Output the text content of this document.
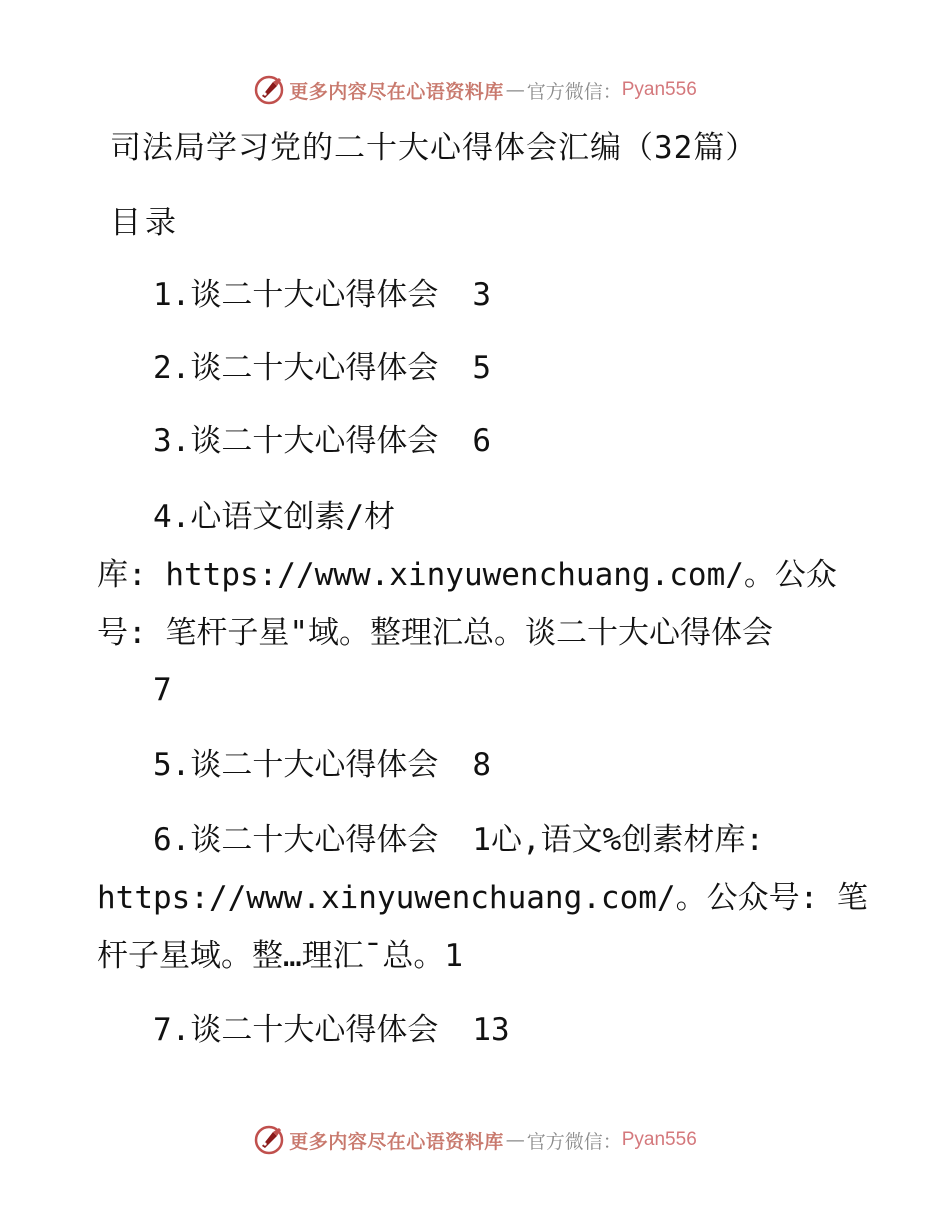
更多内容尽在心语资料库 — 官方微信： Pyan556
司法局学习党的二十大心得体会汇编（32篇）
目录
1.谈二十大心得体会 3
2.谈二十大心得体会 5
3.谈二十大心得体会 6
4.心语文创素/材
库: https://www.xinyuwenchuang.com/。公众
号: 笔杆子星"域。整理汇总。谈二十大心得体会
7
5.谈二十大心得体会 8
6.谈二十大心得体会 1心,语文%创素材库:
https://www.xinyuwenchuang.com/。公众号: 笔
杆子星域。整…理汇¯总。1
7.谈二十大心得体会 13
更多内容尽在心语资料库 — 官方微信： Pyan556
